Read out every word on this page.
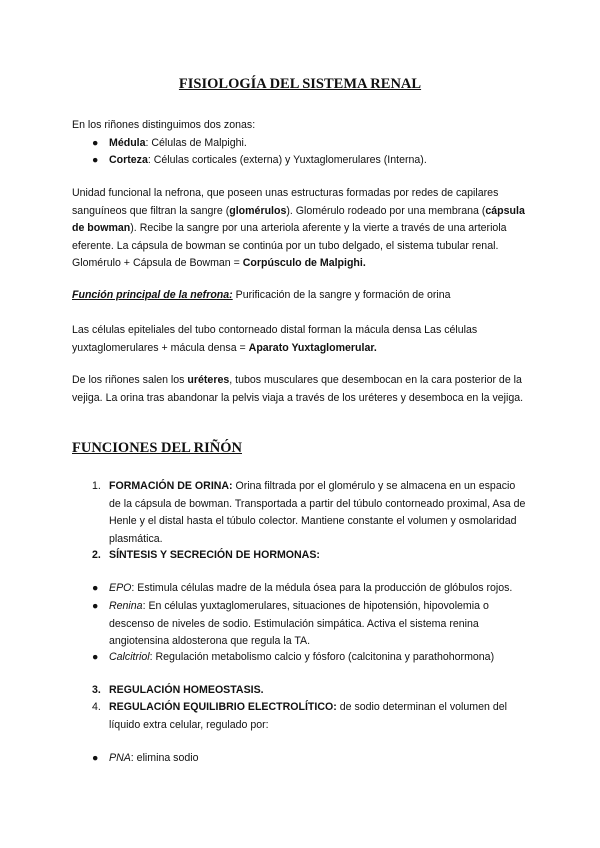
FISIOLOGÍA DEL SISTEMA RENAL

En los riñones distinguimos dos zonas:

● Médula: Células de Malpighi.
● Corteza: Células corticales (externa) y Yuxtaglomerulares (Interna).

Unidad funcional la nefrona, que poseen unas estructuras formadas por redes de capilares sanguíneos que filtran la sangre (glomérulos). Glomérulo rodeado por una membrana (cápsula de bowman). Recibe la sangre por una arteriola aferente y la vierte a través de una arteriola eferente. La cápsula de bowman se continúa por un tubo delgado, el sistema tubular renal. Glomérulo + Cápsula de Bowman = Corpúsculo de Malpighi.

Función principal de la nefrona: Purificación de la sangre y formación de orina

Las células epiteliales del tubo contorneado distal forman la mácula densa Las células yuxtaglomerulares + mácula densa = Aparato Yuxtaglomerular.

De los riñones salen los uréteres, tubos musculares que desembocan en la cara posterior de la vejiga. La orina tras abandonar la pelvis viaja a través de los uréteres y desemboca en la vejiga.

FUNCIONES DEL RIÑÓN
1. FORMACIÓN DE ORINA: Orina filtrada por el glomérulo y se almacena en un espacio de la cápsula de bowman. Transportada a partir del túbulo contorneado proximal, Asa de Henle y el distal hasta el túbulo colector. Mantiene constante el volumen y osmolaridad plasmática.
2. SÍNTESIS Y SECRECIÓN DE HORMONAS:
● EPO: Estimula células madre de la médula ósea para la producción de glóbulos rojos.
● Renina: En células yuxtaglomerulares, situaciones de hipotensión, hipovolemia o descenso de niveles de sodio. Estimulación simpática. Activa el sistema renina angiotensina aldosterona que regula la TA.
● Calcitriol: Regulación metabolismo calcio y fósforo (calcitonina y parathohormona)
3. REGULACIÓN HOMEOSTASIS.
4. REGULACIÓN EQUILIBRIO ELECTROLÍTICO: de sodio determinan el volumen del líquido extra celular, regulado por:
● PNA: elimina sodio
